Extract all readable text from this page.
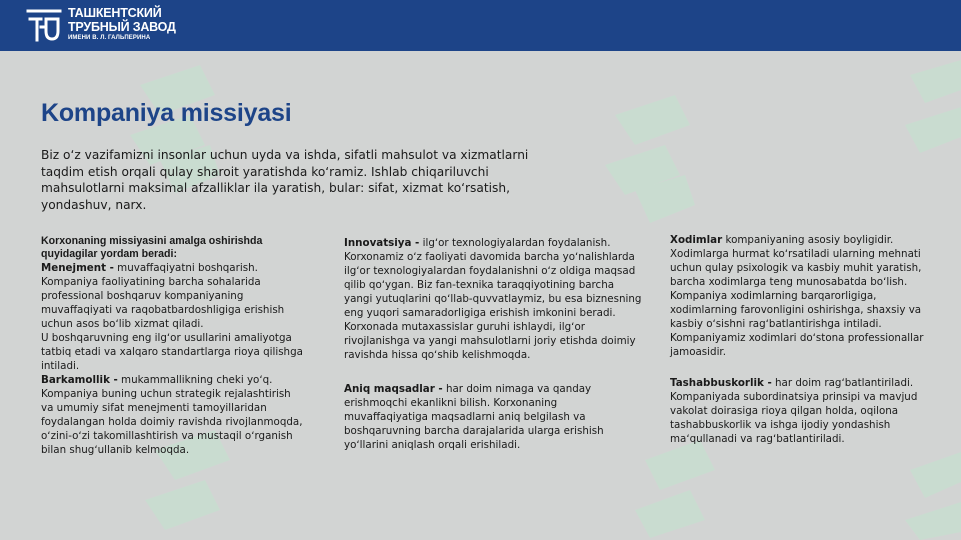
ТАШКЕНТСКИЙ
ТРУБНЫЙ ЗАВОД
ИМЕНИ В. Л. ГАЛЬПЕРИНА
Kompaniya missiyasi
Biz oʻz vazifamizni insonlar uchun uyda va ishda, sifatli mahsulot va xizmatlarni taqdim etish orqali qulay sharoit yaratishda koʻramiz. Ishlab chiqariluvchi mahsulotlarni maksimal afzalliklar ila yaratish, bular: sifat, xizmat koʻrsatish, yondashuv, narx.

Korxonaning missiyasini amalga oshirishda quyidagilar yordam beradi:

Menejment - muvaffaqiyatni boshqarish.

Kompaniya faoliyatining barcha sohalarida professional boshqaruv kompaniyaning muvaffaqiyati va raqobatbardoshligiga erishish uchun asos boʻlib xizmat qiladi.

U boshqaruvning eng ilgʻor usullarini amaliyotga tatbiq etadi va xalqaro standartlarga rioya qilishga intiladi.

Barkamollik - mukammallikning cheki yoʻq. Kompaniya buning uchun strategik rejalashtirish va umumiy sifat menejmenti tamoyillaridan foydalangan holda doimiy ravishda rivojlanmoqda, oʻzini-oʻzi takomillashtirish va mustaqil oʻrganish bilan shugʻullanib kelmoqda.

Innovatsiya - ilgʻor texnologiyalardan foydalanish. Korxonamiz oʻz faoliyati davomida barcha yoʻnalishlarda ilgʻor texnologiyalardan foydalanishni oʻz oldiga maqsad qilib qoʻygan. Biz fan-texnika taraqqiyotining barcha yangi yutuqlarini qoʻllab-quvvatlaymiz, bu esa biznesning eng yuqori samaradorligiga erishish imkonini beradi. Korxonada mutaxassislar guruhi ishlaydi, ilgʻor rivojlanishga va yangi mahsulotlarni joriy etishda doimiy ravishda hissa qoʻshib kelishmoqda.

Aniq maqsadlar - har doim nimaga va qanday erishmoqchi ekanlikni bilish. Korxonaning muvaffaqiyatiga maqsadlarni aniq belgilash va boshqaruvning barcha darajalarida ularga erishish yoʻllarini aniqlash orqali erishiladi.

Xodimlar kompaniyaning asosiy boyligidir. Xodimlarga hurmat koʻrsatiladi ularning mehnati uchun qulay psixologik va kasbiy muhit yaratish, barcha xodimlarga teng munosabatda boʻlish. Kompaniya xodimlarning barqarorligiga, xodimlarning farovonligini oshirishga, shaxsiy va kasbiy oʻsishni ragʻbatlantirishga intiladi. Kompaniyamiz xodimlari doʻstona professionallar jamoasidir.

Tashabbuskorlik - har doim ragʻbatlantiriladi. Kompaniyada subordinatsiya prinsipi va mavjud vakolat doirasiga rioya qilgan holda, oqilona tashabbuskorlik va ishga ijodiy yondashish maʻqullanadi va ragʻbatlantiriladi.
